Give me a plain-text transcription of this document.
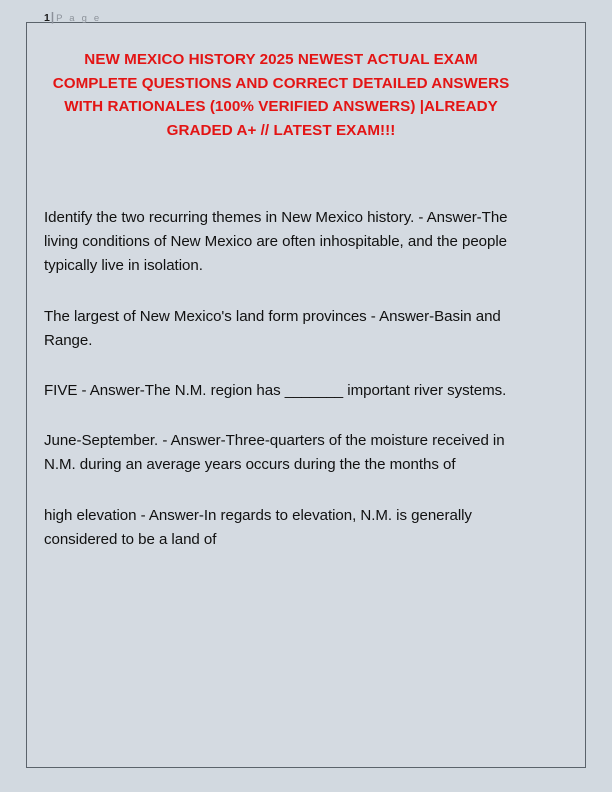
1| P a g e
NEW MEXICO HISTORY 2025 NEWEST ACTUAL EXAM COMPLETE QUESTIONS AND CORRECT DETAILED ANSWERS WITH RATIONALES (100% VERIFIED ANSWERS) |ALREADY GRADED A+ // LATEST EXAM!!!

Identify the two recurring themes in New Mexico history. - Answer-The living conditions of New Mexico are often inhospitable, and the people typically live in isolation.

The largest of New Mexico's land form provinces - Answer-Basin and Range.

FIVE - Answer-The N.M. region has _______ important river systems.

June-September. - Answer-Three-quarters of the moisture received in N.M. during an average years occurs during the the months of

high elevation - Answer-In regards to elevation, N.M. is generally considered to be a land of
